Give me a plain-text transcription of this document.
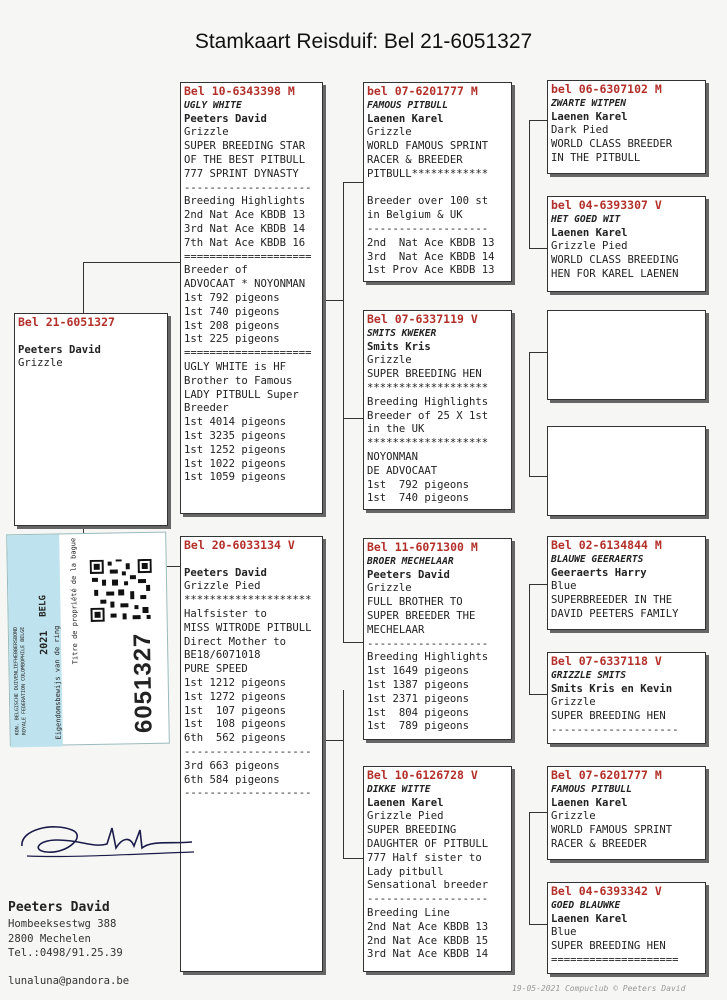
Stamkaart Reisduif: Bel 21-6051327
Bel 21-6051327
Peeters David
Grizzle
Bel 10-6343398 M
UGLY WHITE
Peeters David
Grizzle
SUPER BREEDING STAR
OF THE BEST PITBULL
777 SPRINT DYNASTY
--------------------
Breeding Highlights
2nd Nat Ace KBDB 13
3rd Nat Ace KBDB 14
7th Nat Ace KBDB 16
====================
Breeder of
ADVOCAAT * NOYONMAN
1st 792 pigeons
1st 740 pigeons
1st 208 pigeons
1st 225 pigeons
====================
UGLY WHITE is HF
Brother to Famous
LADY PITBULL Super
Breeder
1st 4014 pigeons
1st 3235 pigeons
1st 1252 pigeons
1st 1022 pigeons
1st 1059 pigeons
Bel 20-6033134 V
Peeters David
Grizzle Pied
********************
Halfsister to
MISS WITRODE PITBULL
Direct Mother to
BE18/6071018
PURE SPEED
1st 1212 pigeons
1st 1272 pigeons
1st  107 pigeons
1st  108 pigeons
6th  562 pigeons
--------------------
3rd 663 pigeons
6th 584 pigeons
--------------------
bel 07-6201777 M
FAMOUS PITBULL
Laenen Karel
Grizzle
WORLD FAMOUS SPRINT
RACER & BREEDER
PITBULL************
Breeder over 100 st
in Belgium & UK
-------------------
2nd  Nat Ace KBDB 13
3rd  Nat Ace KBDB 14
1st Prov Ace KBDB 13
Bel 07-6337119 V
SMITS KWEKER
Smits Kris
Grizzle
SUPER BREEDING HEN
*******************
Breeding Highlights
Breeder of 25 X 1st
in the UK
*******************
NOYONMAN
DE ADVOCAAT
1st  792 pigeons
1st  740 pigeons
Bel 11-6071300 M
BROER MECHELAAR
Peeters David
Grizzle
FULL BROTHER TO
SUPER BREEDER THE
MECHELAAR
-------------------
Breeding Highlights
1st 1649 pigeons
1st 1387 pigeons
1st 2371 pigeons
1st  804 pigeons
1st  789 pigeons
Bel 10-6126728 V
DIKKE WITTE
Laenen Karel
Grizzle Pied
SUPER BREEDING
DAUGHTER OF PITBULL
777 Half sister to
Lady pitbull
Sensational breeder
-------------------
Breeding Line
2nd Nat Ace KBDB 13
2nd Nat Ace KBDB 15
3rd Nat Ace KBDB 14
bel 06-6307102 M
ZWARTE WITPEN
Laenen Karel
Dark Pied
WORLD CLASS BREEDER
IN THE PITBULL
bel 04-6393307 V
HET GOED WIT
Laenen Karel
Grizzle Pied
WORLD CLASS BREEDING
HEN FOR KAREL LAENEN
Bel 02-6134844 M
BLAUWE GEERAERTS
Geeraerts Harry
Blue
SUPERBREEDER IN THE
DAVID PEETERS FAMILY
Bel 07-6337118 V
GRIZZLE SMITS
Smits Kris en Kevin
Grizzle
SUPER BREEDING HEN
--------------------
Bel 07-6201777 M
FAMOUS PITBULL
Laenen Karel
Grizzle
WORLD FAMOUS SPRINT
RACER & BREEDER
Bel 04-6393342 V
GOED BLAUWKE
Laenen Karel
Blue
SUPER BREEDING HEN
====================
KON. BELGISCHE DUIVENLIEFHEBBERSBOND ROYALE FEDERATION COLOMBOPHILE BELGE 2021
BELG
Eigendomsbewijs van de ring
Titre de propriété de la bague
6051327
Peeters David
Hombeeksestwg 388
2800 Mechelen
Tel.:0498/91.25.39
lunaluna@pandora.be
19-05-2021 Compuclub © Peeters David
